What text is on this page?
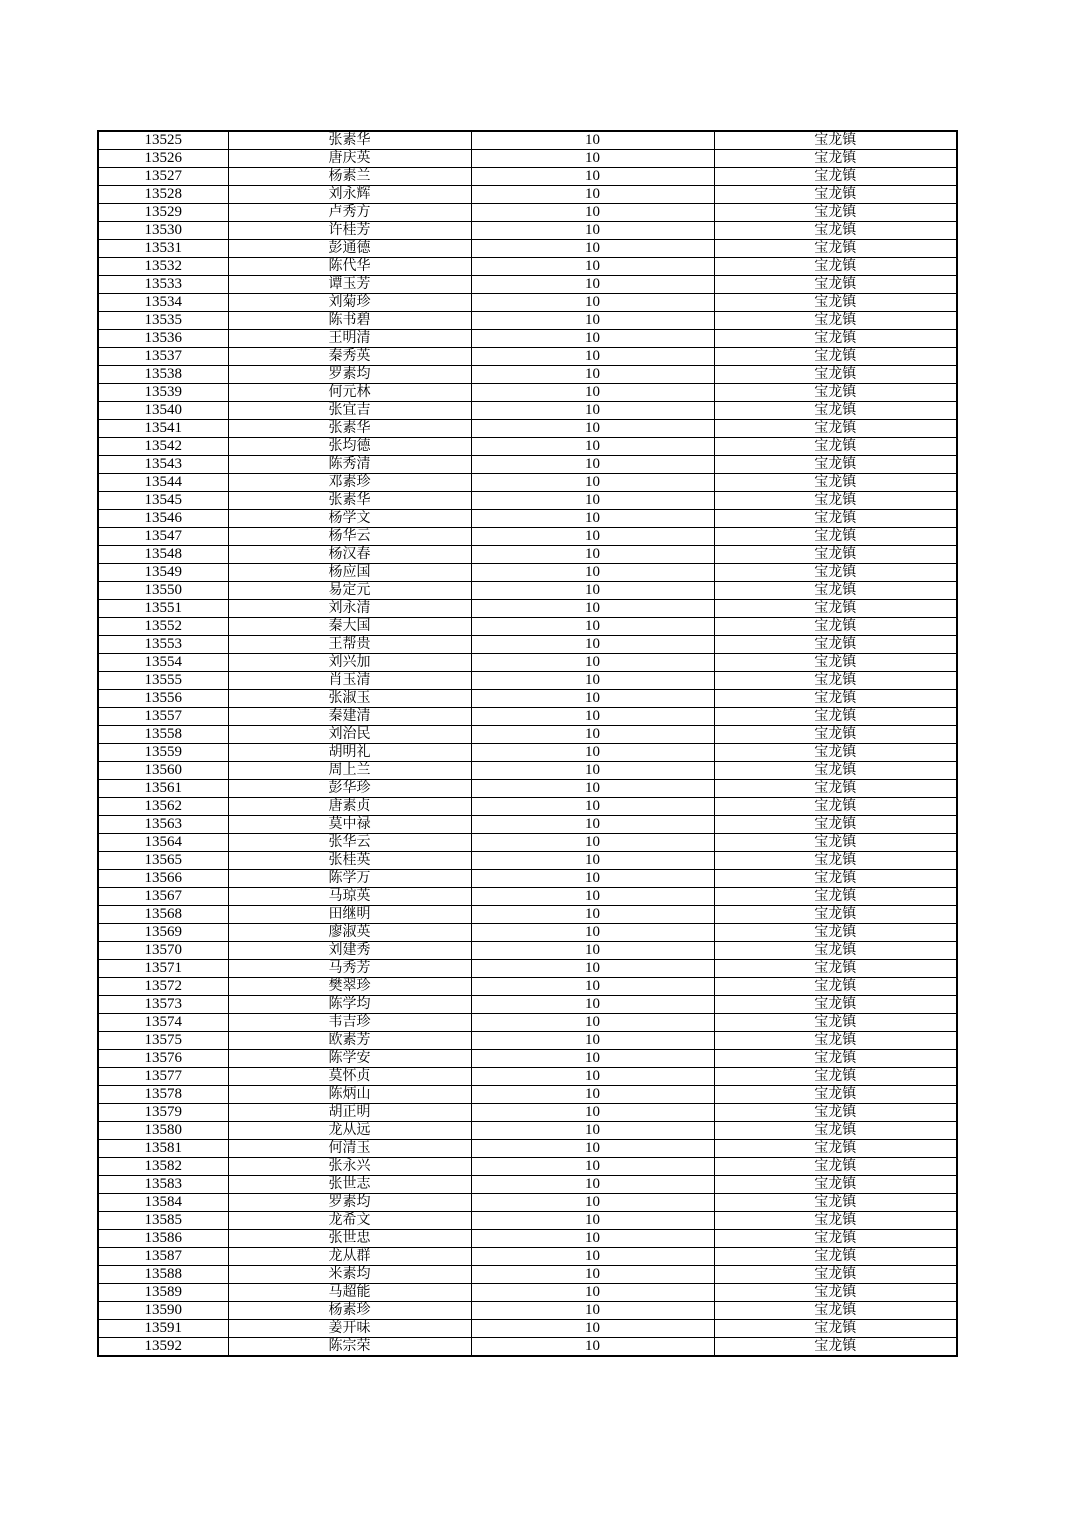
13525	张素华	10	宝龙镇
13526	唐庆英	10	宝龙镇
13527	杨素兰	10	宝龙镇
13528	刘永辉	10	宝龙镇
13529	卢秀方	10	宝龙镇
13530	许桂芳	10	宝龙镇
13531	彭通德	10	宝龙镇
13532	陈代华	10	宝龙镇
13533	谭玉芳	10	宝龙镇
13534	刘菊珍	10	宝龙镇
13535	陈书碧	10	宝龙镇
13536	王明清	10	宝龙镇
13537	秦秀英	10	宝龙镇
13538	罗素均	10	宝龙镇
13539	何元林	10	宝龙镇
13540	张宜吉	10	宝龙镇
13541	张素华	10	宝龙镇
13542	张均德	10	宝龙镇
13543	陈秀清	10	宝龙镇
13544	邓素珍	10	宝龙镇
13545	张素华	10	宝龙镇
13546	杨学文	10	宝龙镇
13547	杨华云	10	宝龙镇
13548	杨汉春	10	宝龙镇
13549	杨应国	10	宝龙镇
13550	易定元	10	宝龙镇
13551	刘永清	10	宝龙镇
13552	秦大国	10	宝龙镇
13553	王帮贵	10	宝龙镇
13554	刘兴加	10	宝龙镇
13555	肖玉清	10	宝龙镇
13556	张淑玉	10	宝龙镇
13557	秦建清	10	宝龙镇
13558	刘治民	10	宝龙镇
13559	胡明礼	10	宝龙镇
13560	周上兰	10	宝龙镇
13561	彭华珍	10	宝龙镇
13562	唐素贞	10	宝龙镇
13563	莫中禄	10	宝龙镇
13564	张华云	10	宝龙镇
13565	张桂英	10	宝龙镇
13566	陈学万	10	宝龙镇
13567	马琼英	10	宝龙镇
13568	田继明	10	宝龙镇
13569	廖淑英	10	宝龙镇
13570	刘建秀	10	宝龙镇
13571	马秀芳	10	宝龙镇
13572	樊翠珍	10	宝龙镇
13573	陈学均	10	宝龙镇
13574	韦吉珍	10	宝龙镇
13575	欧素芳	10	宝龙镇
13576	陈学安	10	宝龙镇
13577	莫怀贞	10	宝龙镇
13578	陈炳山	10	宝龙镇
13579	胡正明	10	宝龙镇
13580	龙从远	10	宝龙镇
13581	何清玉	10	宝龙镇
13582	张永兴	10	宝龙镇
13583	张世志	10	宝龙镇
13584	罗素均	10	宝龙镇
13585	龙希文	10	宝龙镇
13586	张世忠	10	宝龙镇
13587	龙从群	10	宝龙镇
13588	米素均	10	宝龙镇
13589	马超能	10	宝龙镇
13590	杨素珍	10	宝龙镇
13591	姜开味	10	宝龙镇
13592	陈宗荣	10	宝龙镇
